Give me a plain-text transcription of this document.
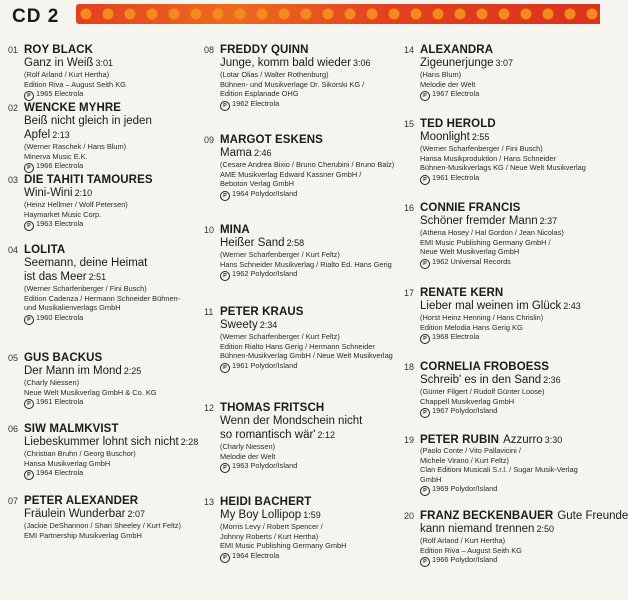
CD 2
01 ROY BLACK
Ganz in Weiß 3:01
(Rolf Arland / Kurt Hertha)
Edition Riva – August Seith KG
P 1965 Electrola
02 WENCKE MYHRE
Beiß nicht gleich in jeden Apfel 2:13
(Werner Raschek / Hans Blum)
Minerva Music E.K.
P 1966 Electrola
03 DIE TAHITI TAMOURES
Wini-Wini 2:10
(Heinz Hellmer / Wolf Petersen)
Haymarket Music Corp.
P 1963 Electrola
04 LOLITA
Seemann, deine Heimat
ist das Meer 2:51
(Werner Scharfenberger / Fini Busch)
Edition Cadenza / Hermann Schneider Bühnen-
und Musikalienverlags GmbH
P 1960 Electrola
05 GUS BACKUS
Der Mann im Mond 2:25
(Charly Niessen)
Neue Welt Musikverlag GmbH & Co. KG
P 1961 Electrola
06 SIW MALMKVIST
Liebeskummer lohnt sich nicht 2:28
(Christian Bruhn / Georg Buschor)
Hansa Musikverlag GmbH
P 1964 Electrola
07 PETER ALEXANDER
Fräulein Wunderbar 2:07
(Jackie DeShannon / Shari Sheeley / Kurt Feltz)
EMI Partnership Musikverlag GmbH
08 FREDDY QUINN
Junge, komm bald wieder 3:06
(Lotar Olias / Walter Rothenburg)
Bühnen- und Musikverlage Dr. Sikorski KG /
Edition Esplanade OHG
P 1962 Electrola
09 MARGOT ESKENS
Mama 2:46
(Cesare Andrea Bixio / Bruno Cherubini / Bruno Balz)
AME Musikverlag Edward Kassner GmbH /
Beboton Verlag GmbH
P 1964 Polydor/Island
10 MINA
Heißer Sand 2:58
(Werner Scharfenberger / Kurt Feltz)
Hans Schneider Musikverlag / Rialto Ed. Hans Gerig
P 1962 Polydor/Island
11 PETER KRAUS
Sweety 2:34
(Werner Scharfenberger / Kurt Feltz)
Edition Rialto Hans Gerig / Hermann Schneider
Bühnen-Musikverlag GmbH / Neue Welt Musikverlag
P 1961 Polydor/Island
12 THOMAS FRITSCH
Wenn der Mondschein nicht
so romantisch wär' 2:12
(Charly Niessen)
Melodie der Welt
P 1963 Polydor/Island
13 HEIDI BACHERT
My Boy Lollipop 1:59
(Morris Levy / Robert Spencer /
Johnny Roberts / Kurt Hertha)
EMI Music Publishing Germany GmbH
P 1964 Electrola
14 ALEXANDRA
Zigeunerjunge 3:07
(Hans Blum)
Melodie der Welt
P 1967 Electrola
15 TED HEROLD
Moonlight 2:55
(Werner Scharfenberger / Fini Busch)
Hansa Musikproduktion / Hans Schneider
Bühnen-Musikverlags KG / Neue Welt Musikverlag
P 1961 Electrola
16 CONNIE FRANCIS
Schöner fremder Mann 2:37
(Athena Hosey / Hal Gordon / Jean Nicolas)
EMI Music Publishing Germany GmbH /
Neue Welt Musikverlag GmbH
P 1962 Universal Records
17 RENATE KERN
Lieber mal weinen im Glück 2:43
(Horst Heinz Henning / Hans Chrislin)
Edition Melodia Hans Gerig KG
P 1968 Electrola
18 CORNELIA FROBOESS
Schreib' es in den Sand 2:36
(Günter Filgert / Rudolf Günter Loose)
Chappell Musikverlag GmbH
P 1967 Polydor/Island
19 PETER RUBIN Azzurro 3:30
(Paolo Conte / Vito Pallavicini /
Michele Virano / Kurt Feltz)
Clan Editioni Musicali S.r.l. / Sugar Musik-Verlag GmbH
P 1969 Polydor/Island
20 FRANZ BECKENBAUER Gute Freunde
kann niemand trennen 2:50
(Rolf Arland / Kurt Hertha)
Edition Riva – August Seith KG
P 1966 Polydor/Island
